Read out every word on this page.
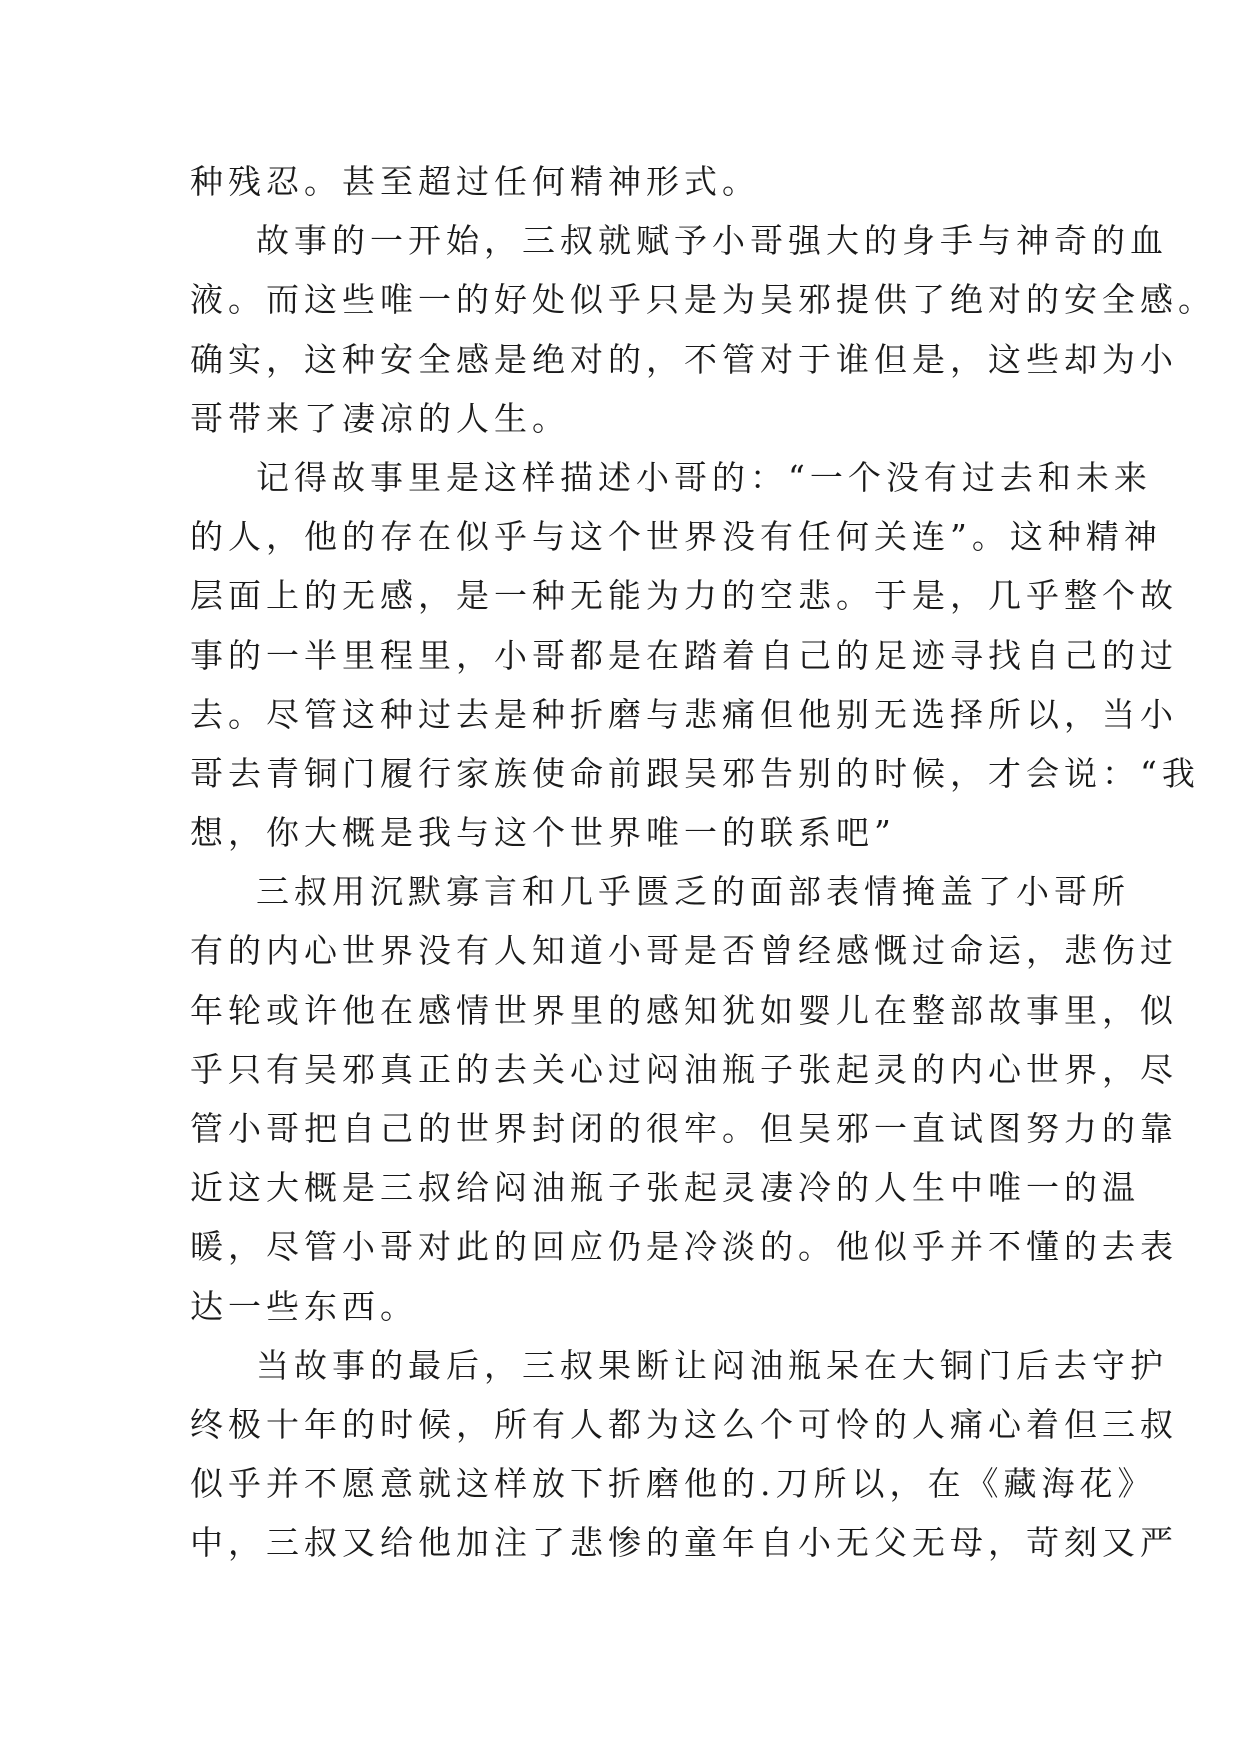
种残忍。甚至超过任何精神形式。
故事的一开始，三叔就赋予小哥强大的身手与神奇的血
液。而这些唯一的好处似乎只是为吴邪提供了绝对的安全感。
确实，这种安全感是绝对的，不管对于谁但是，这些却为小
哥带来了凄凉的人生。
记得故事里是这样描述小哥的：“一个没有过去和未来
的人，他的存在似乎与这个世界没有任何关连”。这种精神
层面上的无感，是一种无能为力的空悲。于是，几乎整个故
事的一半里程里，小哥都是在踏着自己的足迹寻找自己的过
去。尽管这种过去是种折磨与悲痛但他别无选择所以，当小
哥去青铜门履行家族使命前跟吴邪告别的时候，才会说：“我
想，你大概是我与这个世界唯一的联系吧”
三叔用沉默寡言和几乎匮乏的面部表情掩盖了小哥所
有的内心世界没有人知道小哥是否曾经感慨过命运，悲伤过
年轮或许他在感情世界里的感知犹如婴儿在整部故事里，似
乎只有吴邪真正的去关心过闷油瓶子张起灵的内心世界，尽
管小哥把自己的世界封闭的很牢。但吴邪一直试图努力的靠
近这大概是三叔给闷油瓶子张起灵凄冷的人生中唯一的温
暖，尽管小哥对此的回应仍是冷淡的。他似乎并不懂的去表
达一些东西。
当故事的最后，三叔果断让闷油瓶呆在大铜门后去守护
终极十年的时候，所有人都为这么个可怜的人痛心着但三叔
似乎并不愿意就这样放下折磨他的.刀所以，在《藏海花》
中，三叔又给他加注了悲惨的童年自小无父无母，苛刻又严
